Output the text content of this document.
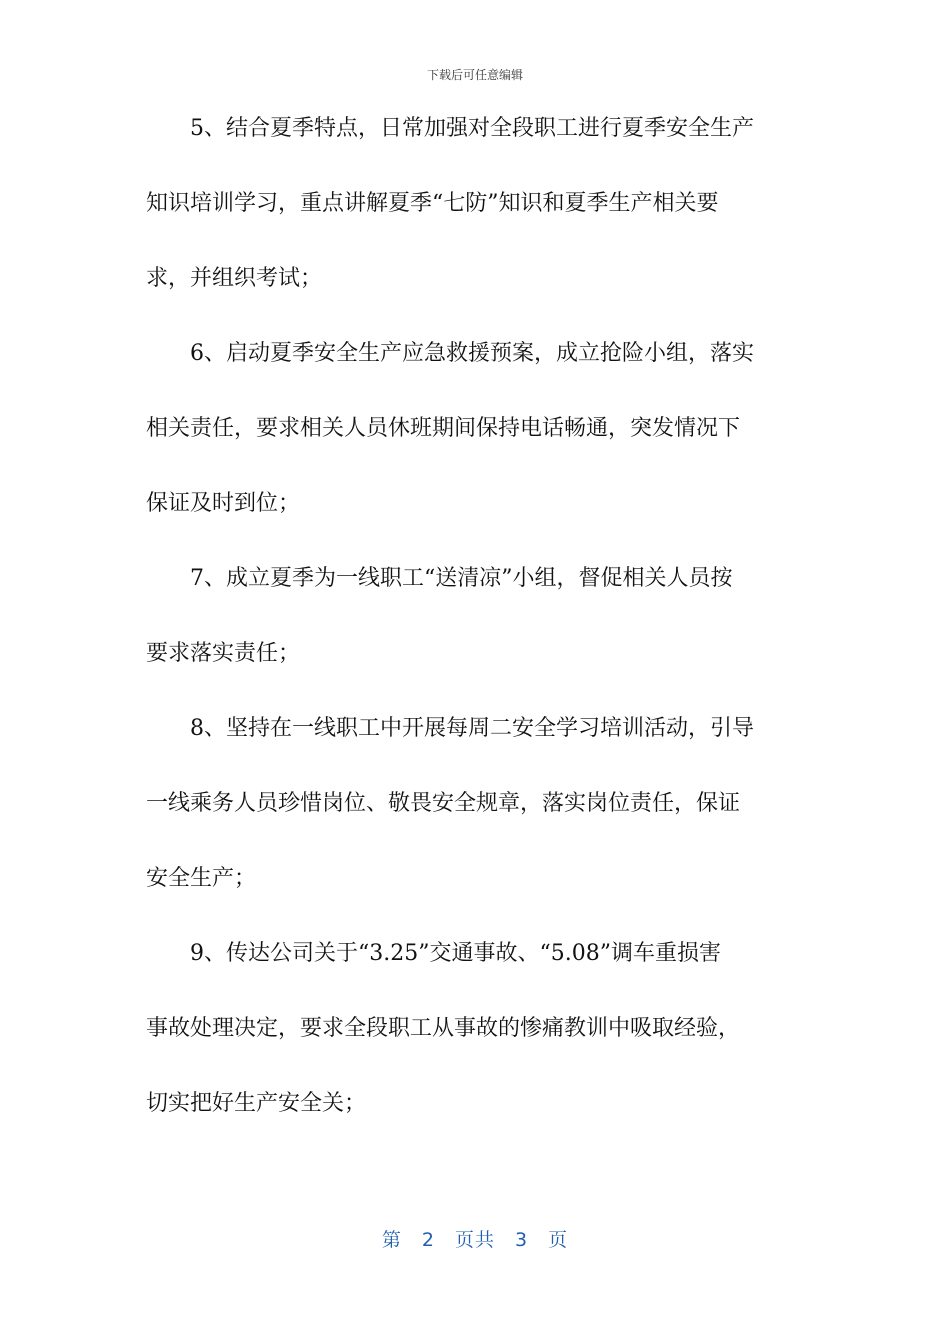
下载后可任意编辑
5、结合夏季特点，日常加强对全段职工进行夏季安全生产
知识培训学习，重点讲解夏季“七防”知识和夏季生产相关要
求，并组织考试；
6、启动夏季安全生产应急救援预案，成立抢险小组，落实
相关责任，要求相关人员休班期间保持电话畅通，突发情况下
保证及时到位；
7、成立夏季为一线职工“送清凉”小组，督促相关人员按
要求落实责任；
8、坚持在一线职工中开展每周二安全学习培训活动，引导
一线乘务人员珍惜岗位、敬畏安全规章，落实岗位责任，保证
安全生产；
9、传达公司关于“3.25”交通事故、“5.08”调车重损害
事故处理决定，要求全段职工从事故的惨痛教训中吸取经验，
切实把好生产安全关；
第 2 页共 3 页
